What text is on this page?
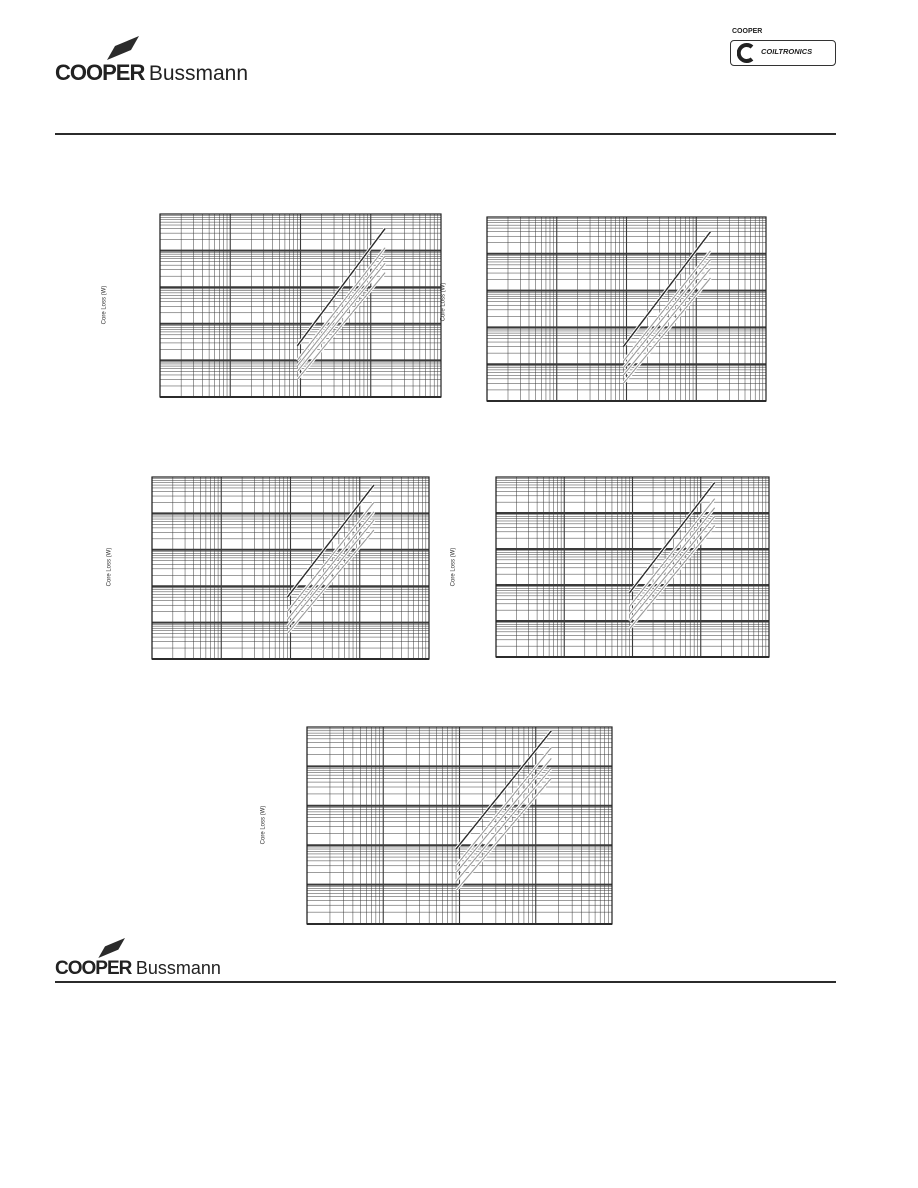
COOPER Bussmann
COOPER
COILTRONICS
Core Loss (W)	Core Loss (W)
Core Loss (W)	Core Loss (W)
Core Loss (W)
COOPER Bussmann
